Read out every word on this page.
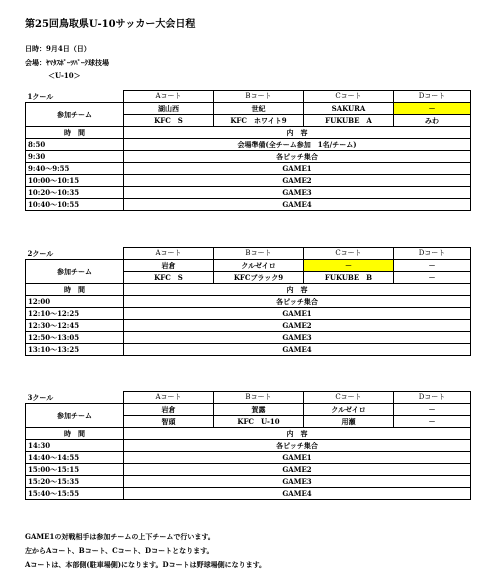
第25回鳥取県U-10サッカー大会日程
日時：9月4日（日）
会場：ﾔﾏﾀｽﾎﾟｰﾂﾊﾟｰｸ球技場
＜U-10＞
1クール	Aコート	Bコート	Cコート	Dコート
参加チーム	湖山西	世紀	SAKURA	－
	KFC　S	KFC　ホワイト9	FUKUBE　A	みわ
時　間	内　容			
8:50	会場準備(全チーム参加　1名/チーム)			
9:30	各ピッチ集合			
9:40～9:55	GAME1			
10:00～10:15	GAME2			
10:20～10:35	GAME3			
10:40～10:55	GAME4			
2クール	Aコート	Bコート	Cコート	Dコート
参加チーム	岩倉	クルゼイロ	－	－
	KFC　S	KFCブラック9	FUKUBE　B	－
時　間	内　容			
12:00	各ピッチ集合			
12:10～12:25	GAME1			
12:30～12:45	GAME2			
12:50～13:05	GAME3			
13:10～13:25	GAME4			
3クール	Aコート	Bコート	Cコート	Dコート
参加チーム	岩倉	賀露	クルゼイロ	－
	智頭	KFC　U-10	用瀬	－
時　間	内　容			
14:30	各ピッチ集合			
14:40～14:55	GAME1			
15:00～15:15	GAME2			
15:20～15:35	GAME3			
15:40～15:55	GAME4			
GAME1の対戦相手は参加チームの上下チームで行います。
左からAコート、Bコート、Cコート、Dコートとなります。
Aコートは、本部側(駐車場側)になります。Dコートは野球場側になります。
